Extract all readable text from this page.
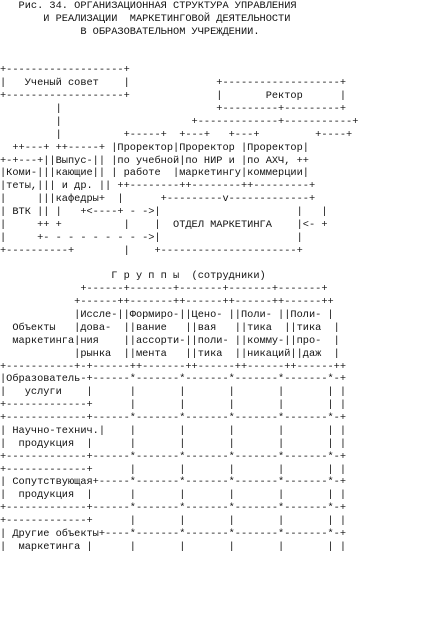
Рис. 34. ОРГАНИЗАЦИОННАЯ СТРУКТУРА УПРАВЛЕНИЯ
И РЕАЛИЗАЦИИ  МАРКЕТИНГОВОЙ ДЕЯТЕЛЬНОСТИ
В ОБРАЗОВАТЕЛЬНОМ УЧРЕЖДЕНИИ.

+-------------------+
|   Ученый совет    |              +-------------------+
+-------------------+              |       Ректор      |
|                         +---------+---------+
|                     +-------------+-----------+
|          +-----+  +---+   +---+         +----+
++---+ ++-----+ |Проректор|Проректор |Проректор|
+-+---+||Выпус-|| |по учебной|по НИР и |по АХЧ, ++
|Коми-|||кающие|| | работе  |маркетингу|коммерции|
|теты,||| и др. || ++--------++--------++---------+
|     |||кафедры+  |      +---------v-------------+
| ВТК || |   +<----+ - ->|                      |   |
|     ++ +          |    |  ОТДЕЛ МАРКЕТИНГА    |<- +
|     +- - - - - - - - ->|                      |
+----------+        |    +----------------------+

Г р у п п ы  (сотрудники)
+------+-------+-------+-------+-------+
+------++-------++------++------++------++
|Иссле-||Формиро-||Цено- ||Поли- ||Поли- |
Объекты   |дова-  ||вание   ||вая   ||тика  ||тика  |
маркетинга|ния    ||ассорти-||поли- ||комму-||про-  |
|рынка  ||мента   ||тика  ||никаций||даж  |
+-----------+-+------++-------++------++------++------++
|Образователь-+------*-------*-------*-------*-------*-+
|   услуги    |      |       |       |       |       | |
+-------------+      |       |       |       |       | |
+-------------+------*-------*-------*-------*-------*-+
| Научно-технич.|    |       |       |       |       | |
|  продукция  |      |       |       |       |       | |
+-------------+------*-------*-------*-------*-------*-+
+-------------+      |       |       |       |       | |
| Сопутствующая+-----*-------*-------*-------*-------*-+
|  продукция  |      |       |       |       |       | |
+-------------+------*-------*-------*-------*-------*-+
+-------------+      |       |       |       |       | |
| Другие объекты+----*-------*-------*-------*-------*-+
|  маркетинга |      |       |       |       |       | |
